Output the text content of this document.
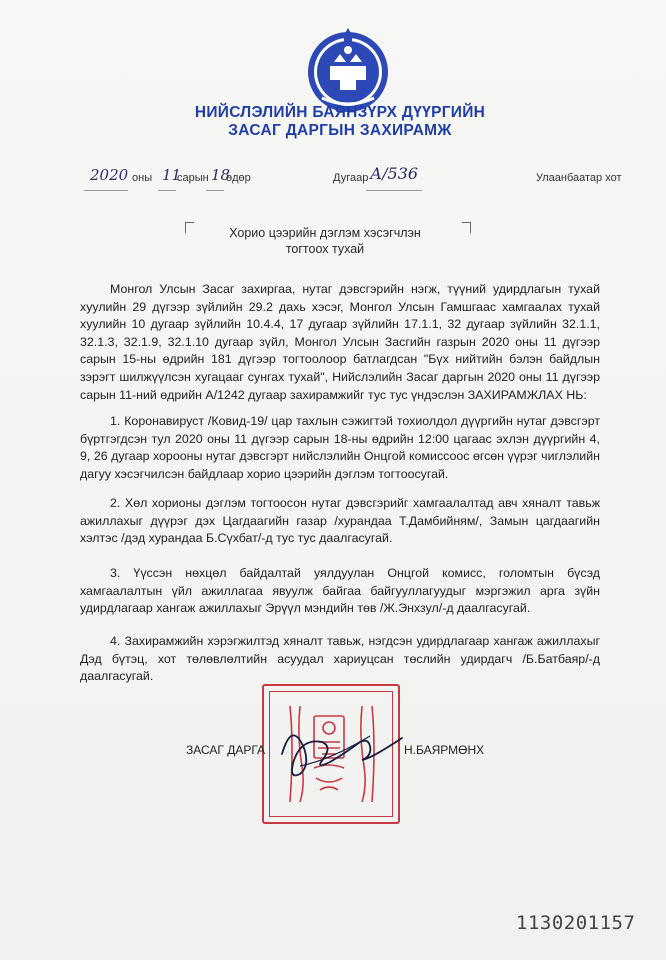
НИЙСЛЭЛИЙН БАЯНЗҮРХ ДҮҮРГИЙН
ЗАСАГ ДАРГЫН ЗАХИРАМЖ
2020 оны 11
сарын 18
өдөр	Дугаар А/536	Улаанбаатар хот
Хорио цээрийн дэглэм хэсэгчлэн
тогтоох тухай
Монгол Улсын Засаг захиргаа, нутаг дэвсгэрийн нэгж, түүний удирдлагын тухай хуулийн 29 дүгээр зүйлийн 29.2 дахь хэсэг, Монгол Улсын Гамшгаас хамгаалах тухай хуулийн 10 дугаар зүйлийн 10.4.4, 17 дугаар зүйлийн 17.1.1, 32 дугаар зүйлийн 32.1.1, 32.1.3, 32.1.9, 32.1.10 дугаар зүйл, Монгол Улсын Засгийн газрын 2020 оны 11 дүгээр сарын 15-ны өдрийн 181 дүгээр тогтоолоор батлагдсан "Бүх нийтийн бэлэн байдлын зэрэгт шилжүүлсэн хугацааг сунгах тухай", Нийслэлийн Засаг даргын 2020 оны 11 дүгээр сарын 11-ний өдрийн А/1242 дугаар захирамжийг тус тус үндэслэн ЗАХИРАМЖЛАХ НЬ:
1. Коронавируст /Ковид-19/ цар тахлын сэжигтэй тохиолдол дүүргийн нутаг дэвсгэрт бүртгэгдсэн тул 2020 оны 11 дүгээр сарын 18-ны өдрийн 12:00 цагаас эхлэн дүүргийн 4, 9, 26 дугаар хорооны нутаг дэвсгэрт нийслэлийн Онцгой комиссоос өгсөн үүрэг чиглэлийн дагуу хэсэгчилсэн байдлаар хорио цээрийн дэглэм тогтоосугай.
2. Хөл хорионы дэглэм тогтоосон нутаг дэвсгэрийг хамгаалалтад авч хяналт тавьж ажиллахыг дүүрэг дэх Цагдаагийн газар /хурандаа Т.Дамбийням/, Замын цагдаагийн хэлтэс /дэд хурандаа Б.Сүхбат/-д тус тус даалгасугай.
3. Үүссэн нөхцөл байдалтай уялдуулан Онцгой комисс, голомтын бүсэд хамгаалалтын үйл ажиллагаа явуулж байгаа байгууллагуудыг мэргэжил арга зүйн удирдлагаар хангаж ажиллахыг Эрүүл мэндийн төв /Ж.Энхзул/-д даалгасугай.
4. Захирамжийн хэрэгжилтэд хяналт тавьж, нэгдсэн удирдлагаар хангаж ажиллахыг Дэд бүтэц, хот төлөвлөлтийн асуудал хариуцсан төслийн удирдагч /Б.Батбаяр/-д даалгасугай.
ЗАСАГ ДАРГА	Н.БАЯРМӨНХ
1130201157
